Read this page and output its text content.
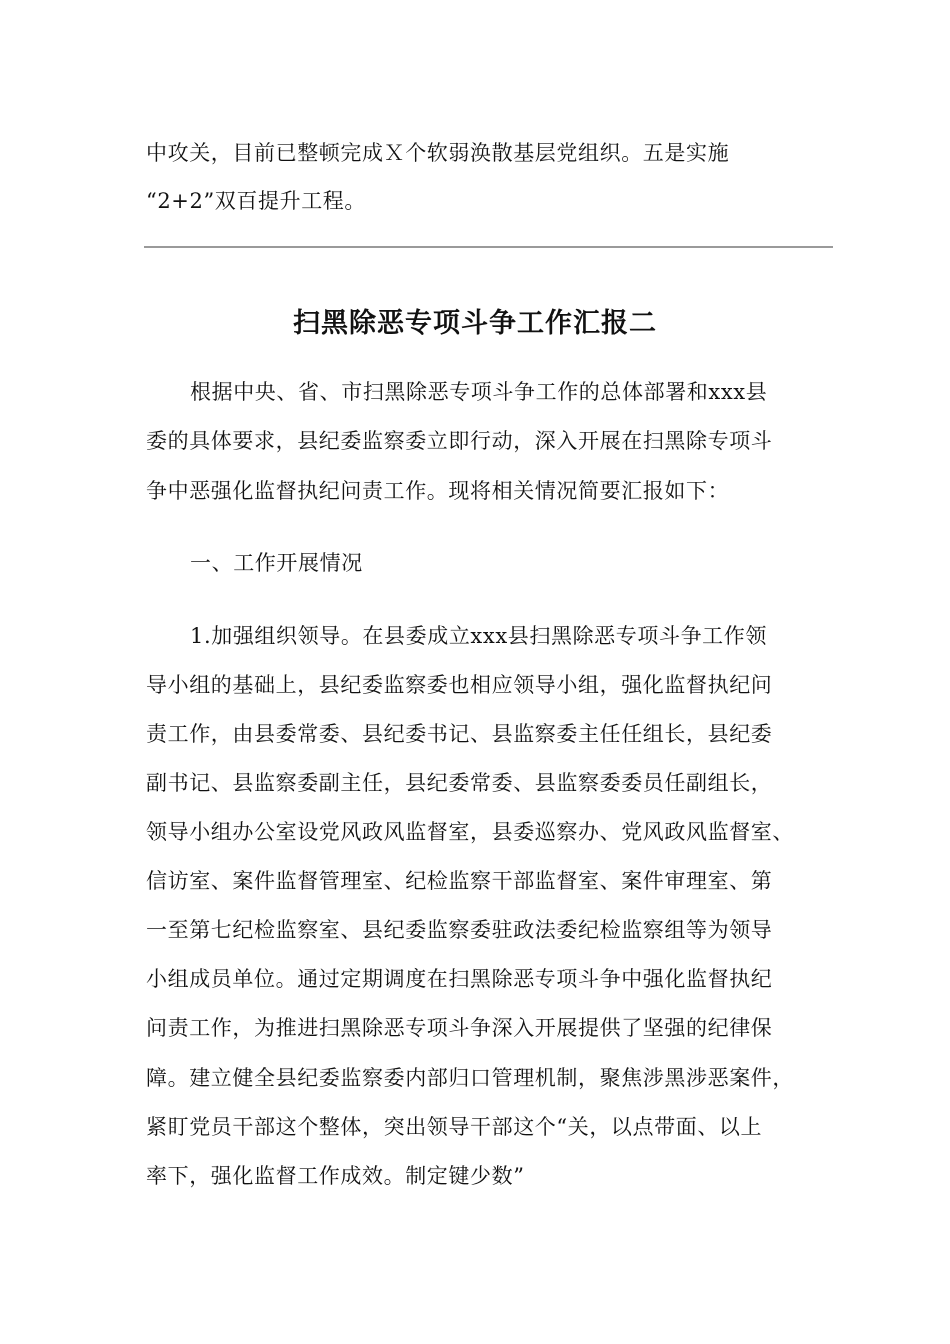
中攻关，目前已整顿完成Ｘ个软弱涣散基层党组织。五是实施
“2+2”双百提升工程。
扫黑除恶专项斗争工作汇报二
根据中央、省、市扫黑除恶专项斗争工作的总体部署和xxx县
委的具体要求，县纪委监察委立即行动，深入开展在扫黑除专项斗
争中恶强化监督执纪问责工作。现将相关情况简要汇报如下：
一、工作开展情况
1.加强组织领导。在县委成立xxx县扫黑除恶专项斗争工作领
导小组的基础上，县纪委监察委也相应领导小组，强化监督执纪问
责工作，由县委常委、县纪委书记、县监察委主任任组长，县纪委
副书记、县监察委副主任，县纪委常委、县监察委委员任副组长，
领导小组办公室设党风政风监督室，县委巡察办、党风政风监督室、
信访室、案件监督管理室、纪检监察干部监督室、案件审理室、第
一至第七纪检监察室、县纪委监察委驻政法委纪检监察组等为领导
小组成员单位。通过定期调度在扫黑除恶专项斗争中强化监督执纪
问责工作，为推进扫黑除恶专项斗争深入开展提供了坚强的纪律保
障。建立健全县纪委监察委内部归口管理机制，聚焦涉黑涉恶案件，
紧盯党员干部这个整体，突出领导干部这个“关，以点带面、以上
率下，强化监督工作成效。制定键少数”
